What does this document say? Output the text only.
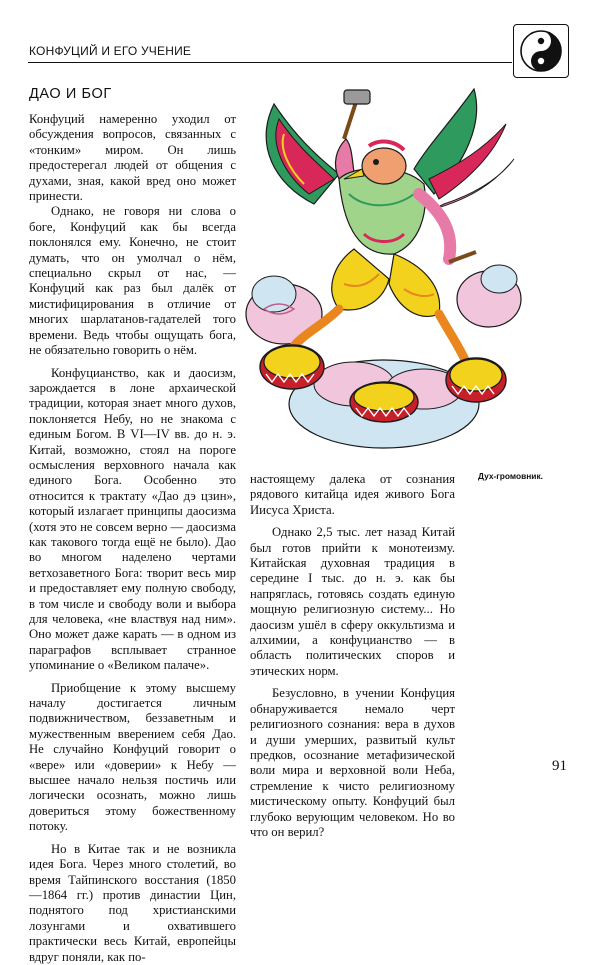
КОНФУЦИЙ И ЕГО УЧЕНИЕ
ДАО И БОГ

Конфуций намеренно уходил от обсуждения вопросов, связанных с «тонким» миром. Он лишь предостерегал людей от общения с духами, зная, какой вред оно может принести.

Однако, не говоря ни слова о боге, Конфуций как бы всегда поклонялся ему. Конечно, не стоит думать, что он умолчал о нём, специально скрыл от нас, — Конфуций как раз был далёк от мистифицирования в отличие от многих шарлатанов-гадателей того времени. Ведь чтобы ощущать бога, не обязательно говорить о нём.

Конфуцианство, как и даосизм, зарождается в лоне архаической традиции, которая знает много духов, поклоняется Небу, но не знакома с единым Богом. В VI—IV вв. до н. э. Китай, возможно, стоял на пороге осмысления верховного начала как единого Бога. Особенно это относится к трактату «Дао дэ цзин», который излагает принципы даосизма (хотя это не совсем верно — даосизма как такового тогда ещё не было). Дао во многом наделено чертами ветхозаветного Бога: творит весь мир и предоставляет ему полную свободу, в том числе и свободу воли и выбора для человека, «не властвуя над ним». Оно может даже карать — в одном из параграфов всплывает странное упоминание о «Великом палаче».

Приобщение к этому высшему началу достигается личным подвижничеством, беззаветным и мужественным вверением себя Дао. Не случайно Конфуций говорит о «вере» или «доверии» к Небу — высшее начало нельзя постичь или логически осознать, можно лишь довериться этому божественному потоку.

Но в Китае так и не возникла идея Бога. Через много столетий, во время Тайпинского восстания (1850—1864 гг.) против династии Цин, поднятого под христианскими лозунгами и охватившего практически весь Китай, европейцы вдруг поняли, как по-

Дух-громовник.

настоящему далека от сознания рядового китайца идея живого Бога Иисуса Христа.

Однако 2,5 тыс. лет назад Китай был готов прийти к монотеизму. Китайская духовная традиция в середине I тыс. до н. э. как бы напряглась, готовясь создать единую мощную религиозную систему... Но даосизм ушёл в сферу оккультизма и алхимии, а конфуцианство — в область политических споров и этических норм.

Безусловно, в учении Конфуция обнаруживается немало черт религиозного сознания: вера в духов и души умерших, развитый культ предков, осознание метафизической воли мира и верховной воли Неба, стремление к чисто религиозному мистическому опыту. Конфуций был глубоко верующим человеком. Но во что он верил?

91
